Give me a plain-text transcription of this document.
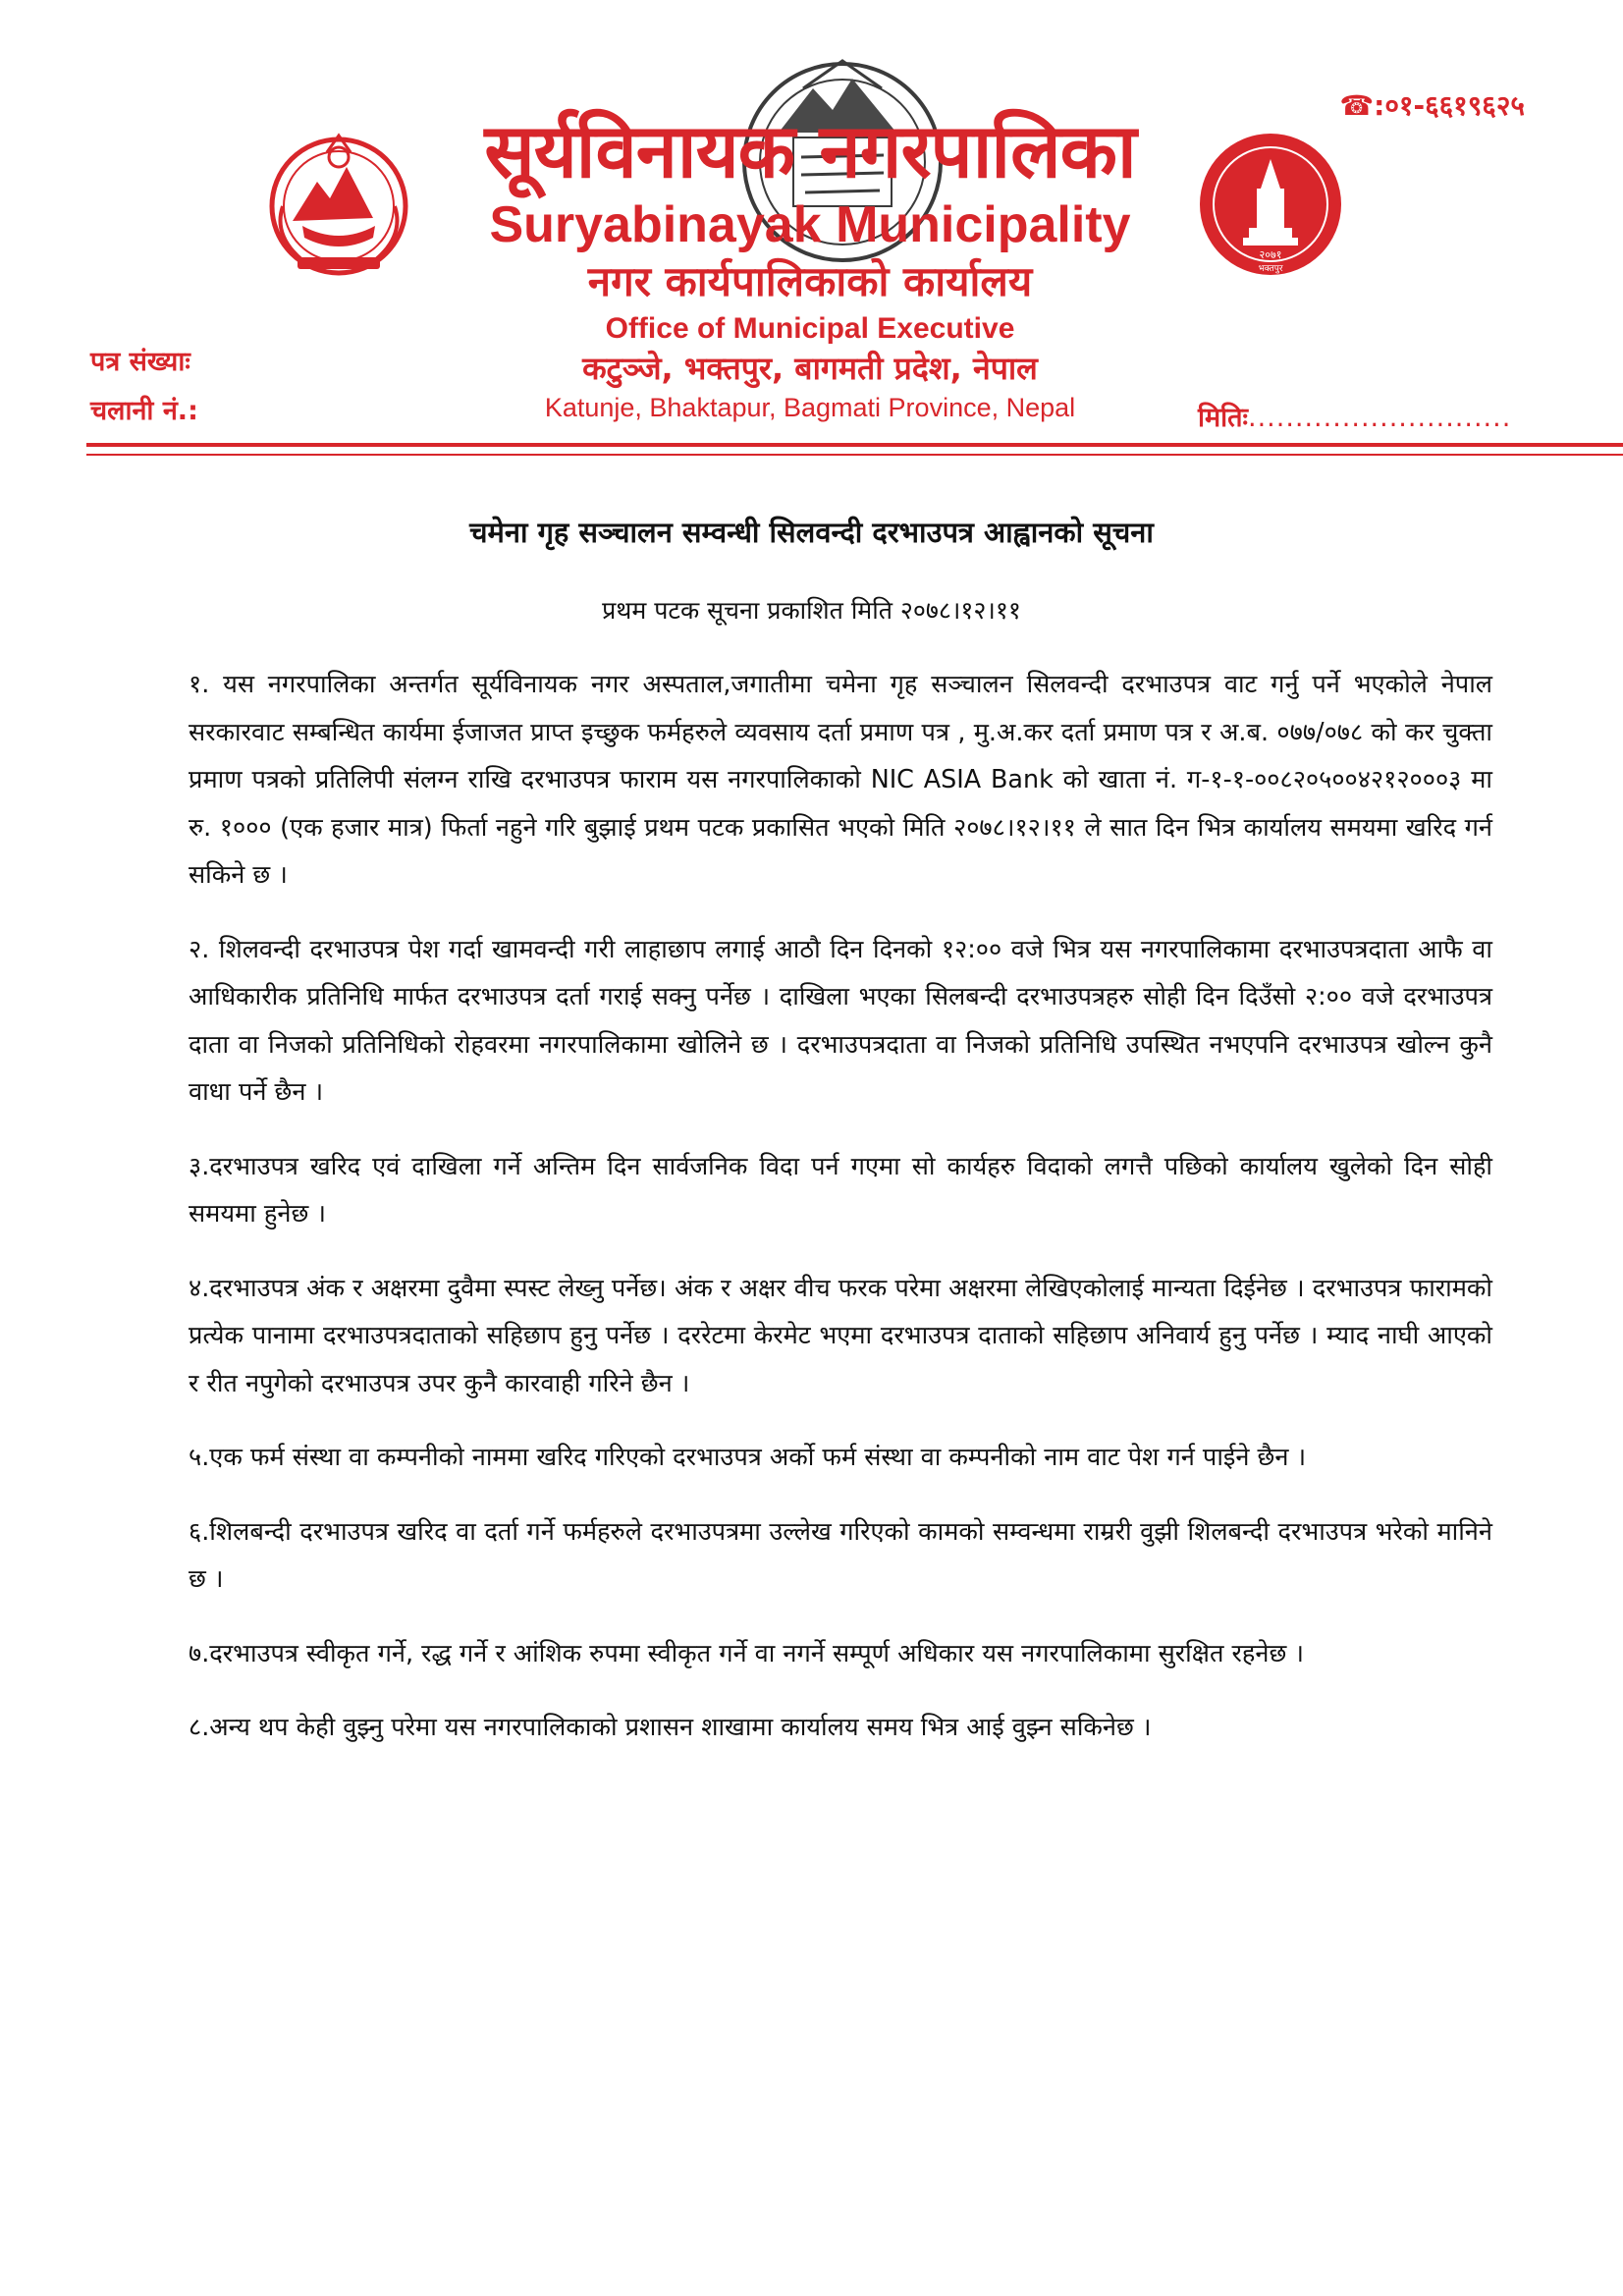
☎:०१-६६१९६२५
२०७१
भक्तपुर
सूर्यविनायक नगरपालिका
Suryabinayak Municipality
नगर कार्यपालिकाको कार्यालय
Office of Municipal Executive
कटुञ्जे, भक्तपुर, बागमती प्रदेश, नेपाल
Katunje, Bhaktapur, Bagmati Province, Nepal
पत्र संख्याः
चलानी नं.:	मितिः............................
चमेना गृह सञ्चालन सम्वन्धी सिलवन्दी दरभाउपत्र आह्वानको सूचना
प्रथम पटक सूचना प्रकाशित मिति २०७८।१२।११

१. यस नगरपालिका अन्तर्गत सूर्यविनायक नगर अस्पताल,जगातीमा चमेना गृह सञ्चालन सिलवन्दी दरभाउपत्र वाट गर्नु पर्ने भएकोले नेपाल सरकारवाट सम्बन्धित कार्यमा ईजाजत प्राप्त इच्छुक फर्महरुले व्यवसाय दर्ता प्रमाण पत्र , मु.अ.कर दर्ता प्रमाण पत्र र अ.ब. ०७७/०७८ को कर चुक्ता प्रमाण पत्रको प्रतिलिपी संलग्न राखि दरभाउपत्र फाराम यस नगरपालिकाको NIC ASIA Bank को खाता नं. ग-१-१-००८२०५००४२१२०००३ मा रु. १००० (एक हजार मात्र) फिर्ता नहुने गरि बुझाई प्रथम पटक प्रकासित भएको मिति २०७८।१२।११ ले सात दिन भित्र कार्यालय समयमा खरिद गर्न सकिने छ ।

२. शिलवन्दी दरभाउपत्र पेश गर्दा खामवन्दी गरी लाहाछाप लगाई आठौ दिन दिनको १२:०० वजे भित्र यस नगरपालिकामा दरभाउपत्रदाता आफै वा आधिकारीक प्रतिनिधि मार्फत दरभाउपत्र दर्ता गराई सक्नु पर्नेछ । दाखिला भएका सिलबन्दी दरभाउपत्रहरु सोही दिन दिउँसो २:०० वजे दरभाउपत्र दाता वा निजको प्रतिनिधिको रोहवरमा नगरपालिकामा खोलिने छ । दरभाउपत्रदाता वा निजको प्रतिनिधि उपस्थित नभएपनि दरभाउपत्र खोल्न कुनै वाधा पर्ने छैन ।

३.दरभाउपत्र खरिद एवं दाखिला गर्ने अन्तिम दिन सार्वजनिक विदा पर्न गएमा सो कार्यहरु विदाको लगत्तै पछिको कार्यालय खुलेको दिन सोही समयमा हुनेछ ।

४.दरभाउपत्र अंक र अक्षरमा दुवैमा स्पस्ट लेख्नु पर्नेछ। अंक र अक्षर वीच फरक परेमा अक्षरमा लेखिएकोलाई मान्यता दिईनेछ । दरभाउपत्र फारामको प्रत्येक पानामा दरभाउपत्रदाताको सहिछाप हुनु पर्नेछ । दररेटमा केरमेट भएमा दरभाउपत्र दाताको सहिछाप अनिवार्य हुनु पर्नेछ । म्याद नाघी आएको र रीत नपुगेको दरभाउपत्र उपर कुनै कारवाही गरिने छैन ।

५.एक फर्म संस्था वा कम्पनीको नाममा खरिद गरिएको दरभाउपत्र अर्को फर्म संस्था वा कम्पनीको नाम वाट पेश गर्न पाईने छैन ।

६.शिलबन्दी दरभाउपत्र खरिद वा दर्ता गर्ने फर्महरुले दरभाउपत्रमा उल्लेख गरिएको कामको सम्वन्धमा राम्ररी वुझी शिलबन्दी दरभाउपत्र भरेको मानिने छ ।

७.दरभाउपत्र स्वीकृत गर्ने, रद्ध गर्ने र आंशिक रुपमा स्वीकृत गर्ने वा नगर्ने सम्पूर्ण अधिकार यस नगरपालिकामा सुरक्षित रहनेछ ।

८.अन्य थप केही वुझ्नु परेमा यस नगरपालिकाको प्रशासन शाखामा कार्यालय समय भित्र आई वुझ्न सकिनेछ ।
